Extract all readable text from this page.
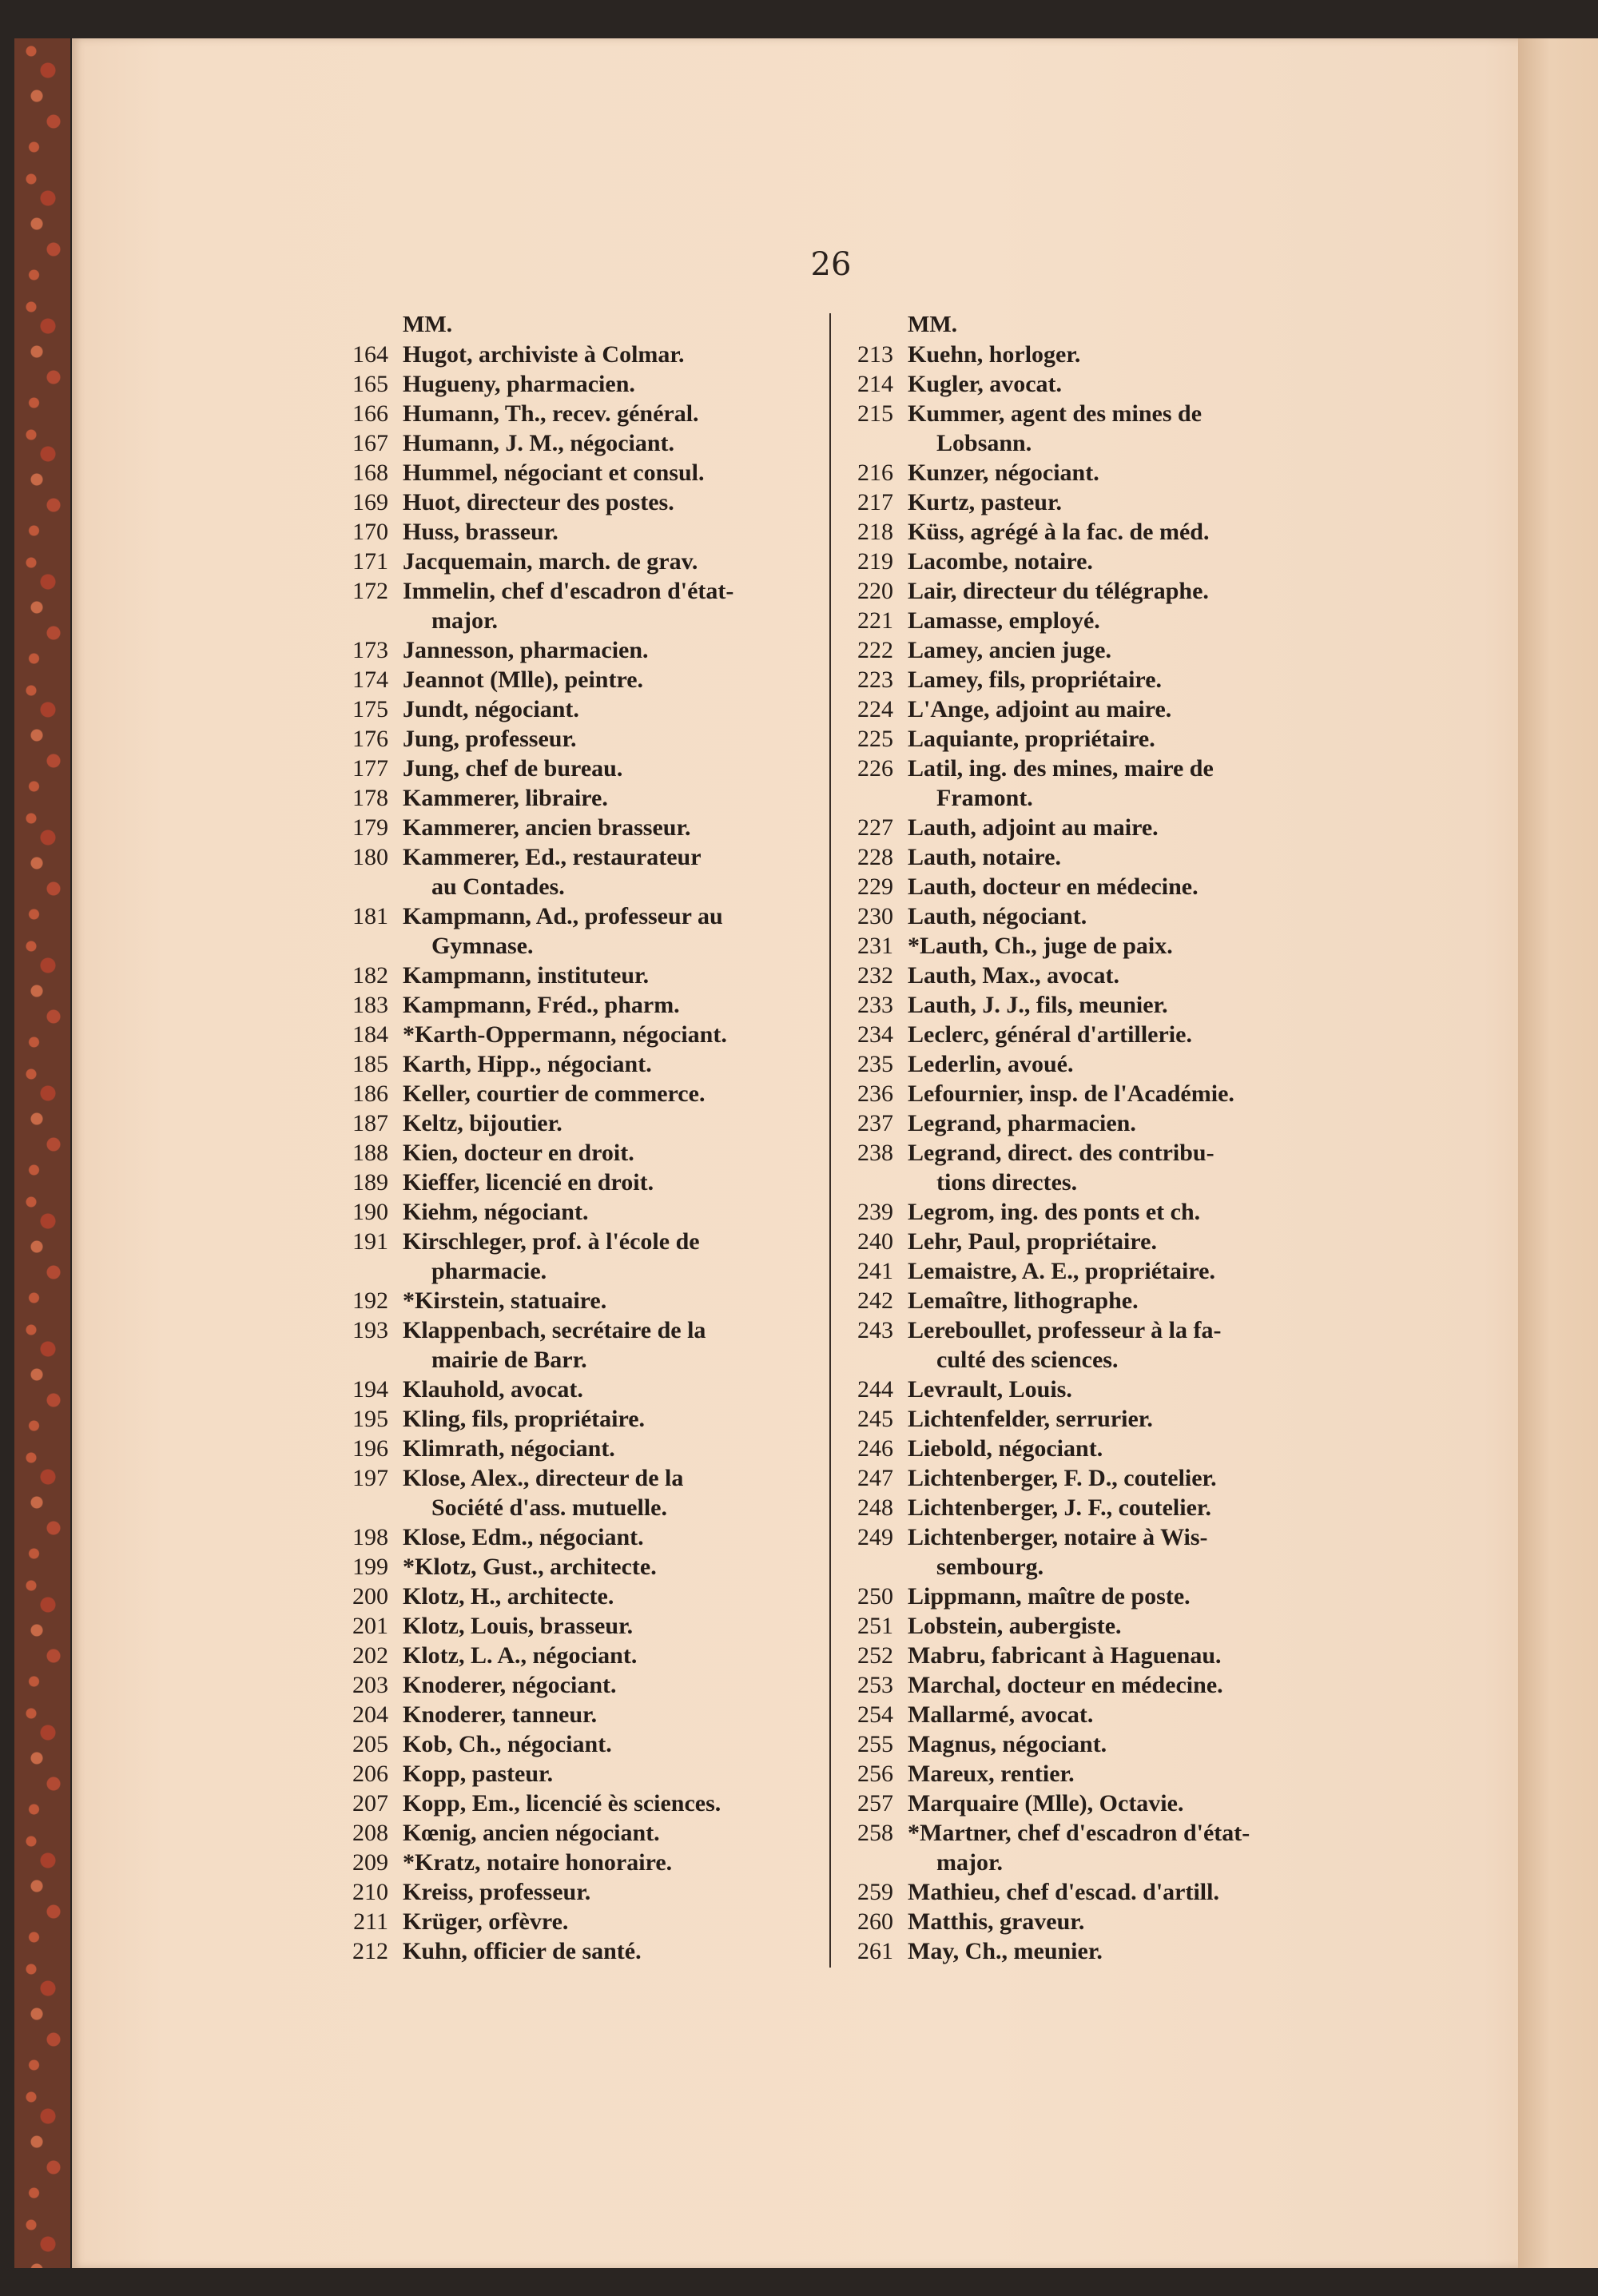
26
MM.
164 Hugot, archiviste à Colmar.
165 Hugueny, pharmacien.
166 Humann, Th., recev. général.
167 Humann, J. M., négociant.
168 Hummel, négociant et consul.
169 Huot, directeur des postes.
170 Huss, brasseur.
171 Jacquemain, march. de grav.
172 Immelin, chef d'escadron d'état-
major.
173 Jannesson, pharmacien.
174 Jeannot (Mlle), peintre.
175 Jundt, négociant.
176 Jung, professeur.
177 Jung, chef de bureau.
178 Kammerer, libraire.
179 Kammerer, ancien brasseur.
180 Kammerer, Ed., restaurateur
au Contades.
181 Kampmann, Ad., professeur au
Gymnase.
182 Kampmann, instituteur.
183 Kampmann, Fréd., pharm.
184 *Karth-Oppermann, négociant.
185 Karth, Hipp., négociant.
186 Keller, courtier de commerce.
187 Keltz, bijoutier.
188 Kien, docteur en droit.
189 Kieffer, licencié en droit.
190 Kiehm, négociant.
191 Kirschleger, prof. à l'école de
pharmacie.
192 *Kirstein, statuaire.
193 Klappenbach, secrétaire de la
mairie de Barr.
194 Klauhold, avocat.
195 Kling, fils, propriétaire.
196 Klimrath, négociant.
197 Klose, Alex., directeur de la
Société d'ass. mutuelle.
198 Klose, Edm., négociant.
199 *Klotz, Gust., architecte.
200 Klotz, H., architecte.
201 Klotz, Louis, brasseur.
202 Klotz, L. A., négociant.
203 Knoderer, négociant.
204 Knoderer, tanneur.
205 Kob, Ch., négociant.
206 Kopp, pasteur.
207 Kopp, Em., licencié ès sciences.
208 Kœnig, ancien négociant.
209 *Kratz, notaire honoraire.
210 Kreiss, professeur.
211 Krüger, orfèvre.
212 Kuhn, officier de santé.
MM.
213 Kuehn, horloger.
214 Kugler, avocat.
215 Kummer, agent des mines de
Lobsann.
216 Kunzer, négociant.
217 Kurtz, pasteur.
218 Küss, agrégé à la fac. de méd.
219 Lacombe, notaire.
220 Lair, directeur du télégraphe.
221 Lamasse, employé.
222 Lamey, ancien juge.
223 Lamey, fils, propriétaire.
224 L'Ange, adjoint au maire.
225 Laquiante, propriétaire.
226 Latil, ing. des mines, maire de
Framont.
227 Lauth, adjoint au maire.
228 Lauth, notaire.
229 Lauth, docteur en médecine.
230 Lauth, négociant.
231 *Lauth, Ch., juge de paix.
232 Lauth, Max., avocat.
233 Lauth, J. J., fils, meunier.
234 Leclerc, général d'artillerie.
235 Lederlin, avoué.
236 Lefournier, insp. de l'Académie.
237 Legrand, pharmacien.
238 Legrand, direct. des contribu-
tions directes.
239 Legrom, ing. des ponts et ch.
240 Lehr, Paul, propriétaire.
241 Lemaistre, A. E., propriétaire.
242 Lemaître, lithographe.
243 Lereboullet, professeur à la fa-
culté des sciences.
244 Levrault, Louis.
245 Lichtenfelder, serrurier.
246 Liebold, négociant.
247 Lichtenberger, F. D., coutelier.
248 Lichtenberger, J. F., coutelier.
249 Lichtenberger, notaire à Wis-
sembourg.
250 Lippmann, maître de poste.
251 Lobstein, aubergiste.
252 Mabru, fabricant à Haguenau.
253 Marchal, docteur en médecine.
254 Mallarmé, avocat.
255 Magnus, négociant.
256 Mareux, rentier.
257 Marquaire (Mlle), Octavie.
258 *Martner, chef d'escadron d'état-
major.
259 Mathieu, chef d'escad. d'artill.
260 Matthis, graveur.
261 May, Ch., meunier.
